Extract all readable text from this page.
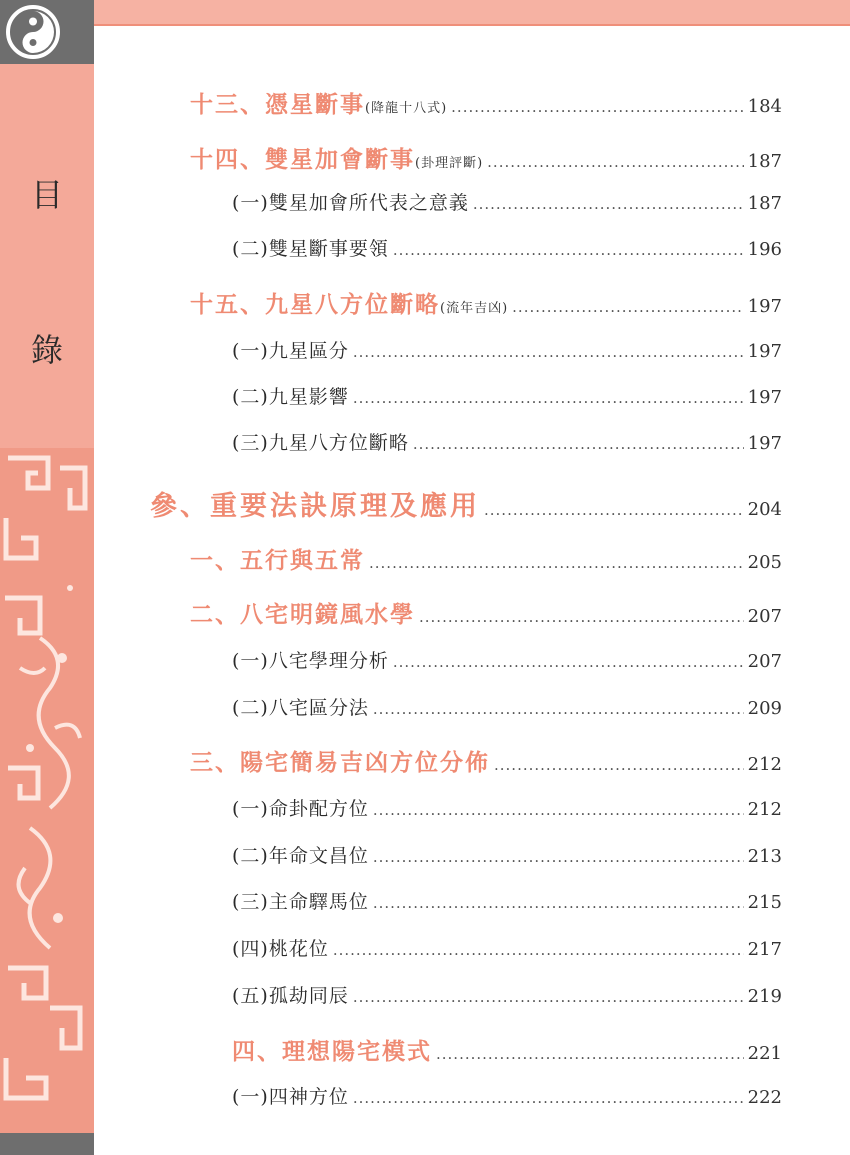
目
錄
十三、憑星斷事(降龍十八式) .....	184
十四、雙星加會斷事(卦理評斷) .....	187
(一)雙星加會所代表之意義 .....	187
(二)雙星斷事要領 .....	196
十五、九星八方位斷略(流年吉凶) .....	197
(一)九星區分 .....	197
(二)九星影響 .....	197
(三)九星八方位斷略 .....	197
參、重要法訣原理及應用 .....	204
一、五行與五常 .....	205
二、八宅明鏡風水學 .....	207
(一)八宅學理分析 .....	207
(二)八宅區分法 .....	209
三、陽宅簡易吉凶方位分佈 .....	212
(一)命卦配方位 .....	212
(二)年命文昌位 .....	213
(三)主命驛馬位 .....	215
(四)桃花位 .....	217
(五)孤劫同辰 .....	219
四、理想陽宅模式 .....	221
(一)四神方位 .....	222
